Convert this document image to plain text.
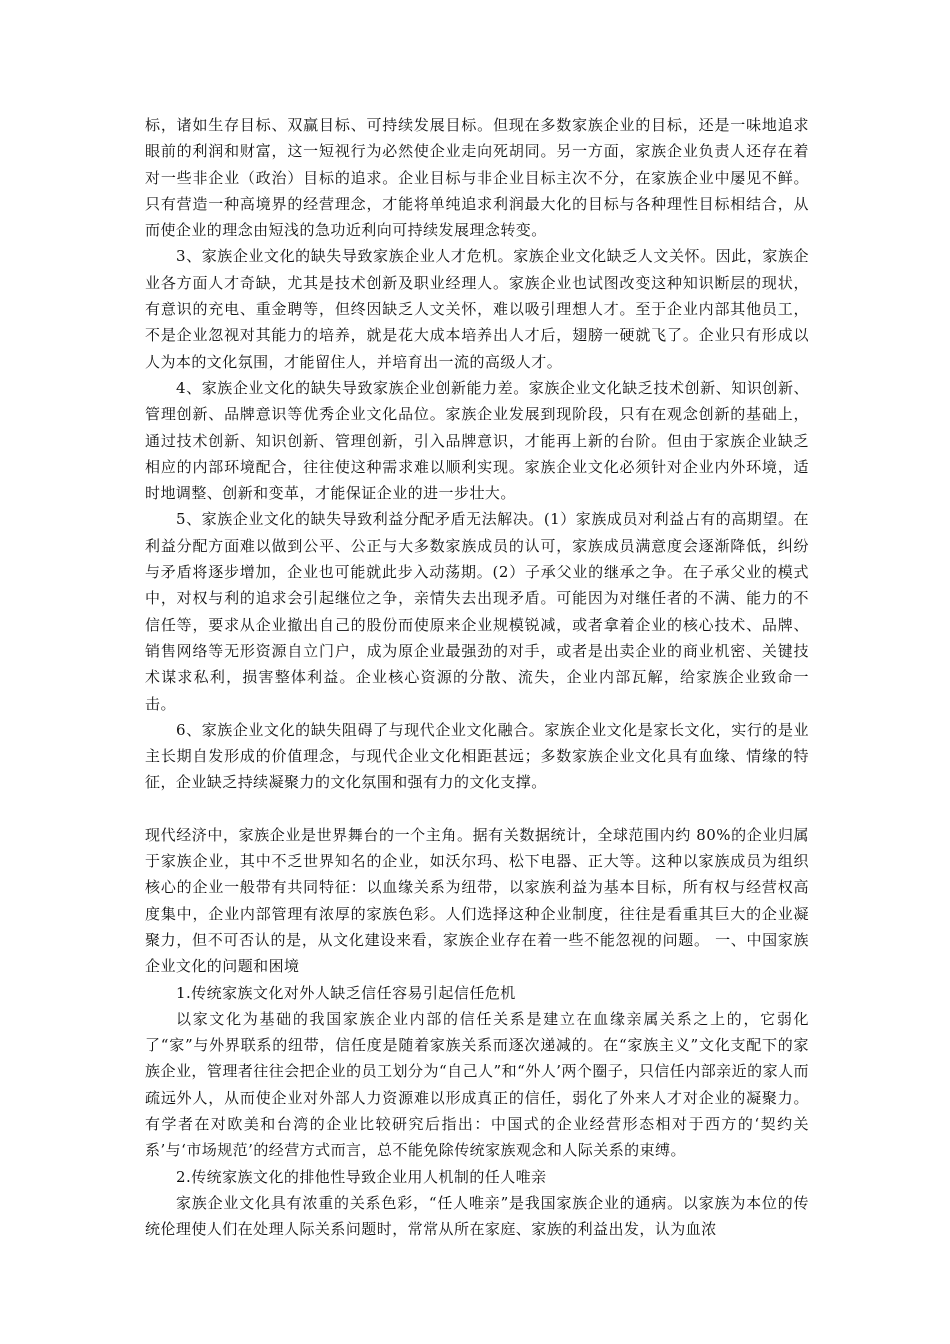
标，诸如生存目标、双赢目标、可持续发展目标。但现在多数家族企业的目标，还是一味地追求眼前的利润和财富，这一短视行为必然使企业走向死胡同。另一方面，家族企业负责人还存在着对一些非企业（政治）目标的追求。企业目标与非企业目标主次不分，在家族企业中屡见不鲜。只有营造一种高境界的经营理念，才能将单纯追求利润最大化的目标与各种理性目标相结合，从而使企业的理念由短浅的急功近利向可持续发展理念转变。

3、家族企业文化的缺失导致家族企业人才危机。家族企业文化缺乏人文关怀。因此，家族企业各方面人才奇缺，尤其是技术创新及职业经理人。家族企业也试图改变这种知识断层的现状，有意识的充电、重金聘等，但终因缺乏人文关怀，难以吸引理想人才。至于企业内部其他员工，不是企业忽视对其能力的培养，就是花大成本培养出人才后，翅膀一硬就飞了。企业只有形成以人为本的文化氛围，才能留住人，并培育出一流的高级人才。

4、家族企业文化的缺失导致家族企业创新能力差。家族企业文化缺乏技术创新、知识创新、管理创新、品牌意识等优秀企业文化品位。家族企业发展到现阶段，只有在观念创新的基础上，通过技术创新、知识创新、管理创新，引入品牌意识，才能再上新的台阶。但由于家族企业缺乏相应的内部环境配合，往往使这种需求难以顺利实现。家族企业文化必须针对企业内外环境，适时地调整、创新和变革，才能保证企业的进一步壮大。

5、家族企业文化的缺失导致利益分配矛盾无法解决。(1）家族成员对利益占有的高期望。在利益分配方面难以做到公平、公正与大多数家族成员的认可，家族成员满意度会逐渐降低，纠纷与矛盾将逐步增加，企业也可能就此步入动荡期。(2）子承父业的继承之争。在子承父业的模式中，对权与利的追求会引起继位之争，亲情失去出现矛盾。可能因为对继任者的不满、能力的不信任等，要求从企业撤出自己的股份而使原来企业规模锐减，或者拿着企业的核心技术、品牌、销售网络等无形资源自立门户，成为原企业最强劲的对手，或者是出卖企业的商业机密、关键技术谋求私利，损害整体利益。企业核心资源的分散、流失，企业内部瓦解，给家族企业致命一击。

6、家族企业文化的缺失阻碍了与现代企业文化融合。家族企业文化是家长文化，实行的是业主长期自发形成的价值理念，与现代企业文化相距甚远；多数家族企业文化具有血缘、情缘的特征，企业缺乏持续凝聚力的文化氛围和强有力的文化支撑。

现代经济中，家族企业是世界舞台的一个主角。据有关数据统计，全球范围内约 80%的企业归属于家族企业，其中不乏世界知名的企业，如沃尔玛、松下电器、正大等。这种以家族成员为组织核心的企业一般带有共同特征：以血缘关系为纽带，以家族利益为基本目标，所有权与经营权高度集中，企业内部管理有浓厚的家族色彩。人们选择这种企业制度，往往是看重其巨大的企业凝聚力，但不可否认的是，从文化建设来看，家族企业存在着一些不能忽视的问题。 一、中国家族企业文化的问题和困境

1.传统家族文化对外人缺乏信任容易引起信任危机

以家文化为基础的我国家族企业内部的信任关系是建立在血缘亲属关系之上的，它弱化了“家”与外界联系的纽带，信任度是随着家族关系而逐次递减的。在“家族主义”文化支配下的家族企业，管理者往往会把企业的员工划分为“自己人”和“外人’两个圈子，只信任内部亲近的家人而疏远外人，从而使企业对外部人力资源难以形成真正的信任，弱化了外来人才对企业的凝聚力。有学者在对欧美和台湾的企业比较研究后指出：中国式的企业经营形态相对于西方的‘契约关系’与‘市场规范’的经营方式而言，总不能免除传统家族观念和人际关系的束缚。

2.传统家族文化的排他性导致企业用人机制的任人唯亲

家族企业文化具有浓重的关系色彩，“任人唯亲”是我国家族企业的通病。以家族为本位的传统伦理使人们在处理人际关系问题时，常常从所在家庭、家族的利益出发，认为血浓
